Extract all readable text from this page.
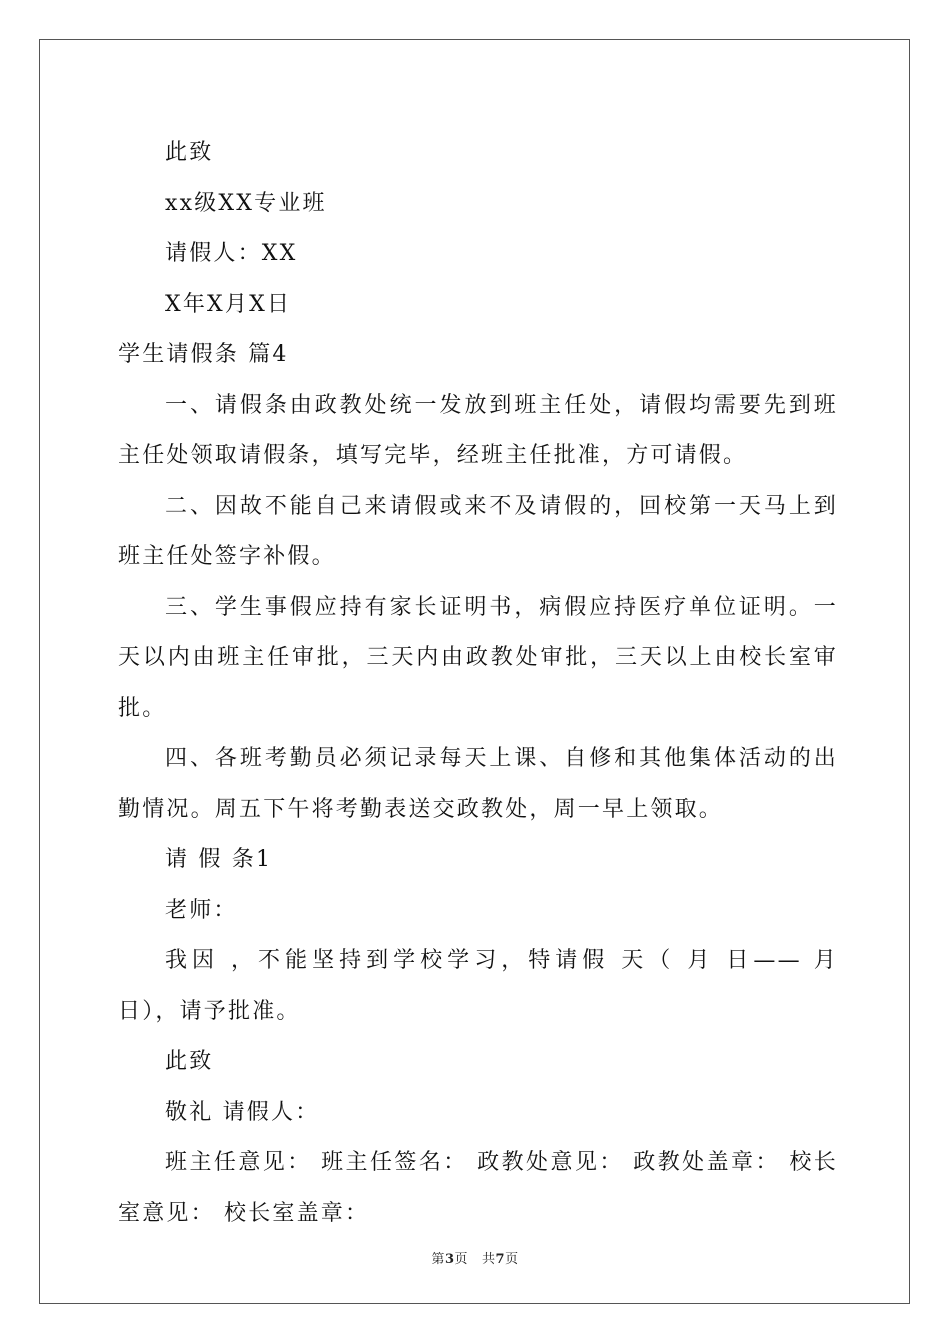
此致

xx级XX专业班

请假人：XX

X年X月X日

学生请假条 篇4

一、请假条由政教处统一发放到班主任处，请假均需要先到班主任处领取请假条，填写完毕，经班主任批准，方可请假。

二、因故不能自己来请假或来不及请假的，回校第一天马上到班主任处签字补假。

三、学生事假应持有家长证明书，病假应持医疗单位证明。一天以内由班主任审批，三天内由政教处审批，三天以上由校长室审批。

四、各班考勤员必须记录每天上课、自修和其他集体活动的出勤情况。周五下午将考勤表送交政教处，周一早上领取。

请 假 条1

老师：

我因 ，不能坚持到学校学习，特请假 天（ 月 日—— 月 日），请予批准。

此致

敬礼 请假人：

班主任意见： 班主任签名： 政教处意见： 政教处盖章： 校长室意见： 校长室盖章：

第3页 共7页
